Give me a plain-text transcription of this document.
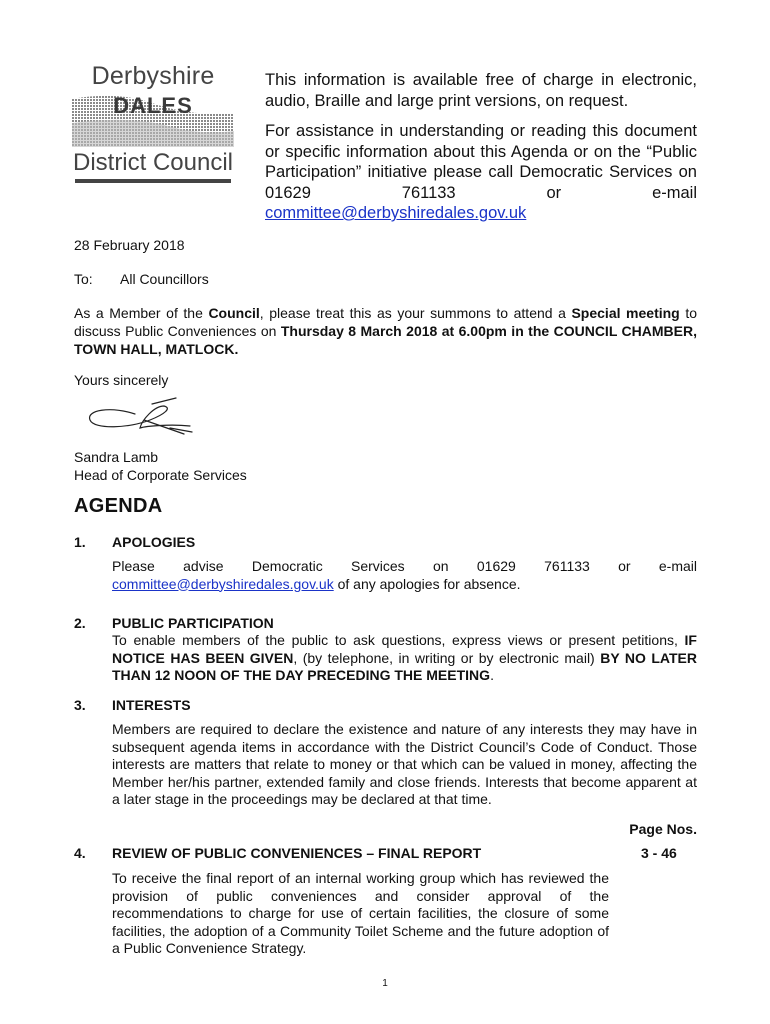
Derbyshire
DALES
District Council

This information is available free of charge in electronic, audio, Braille and large print versions, on request.

For assistance in understanding or reading this document or specific information about this Agenda or on the “Public Participation” initiative please call Democratic Services on 01629 761133 or e-mail committee@derbyshiredales.gov.uk

28 February 2018
To: All Councillors
As a Member of the Council, please treat this as your summons to attend a Special meeting to discuss Public Conveniences on Thursday 8 March 2018 at 6.00pm in the COUNCIL CHAMBER, TOWN HALL, MATLOCK.
Yours sincerely
Sandra Lamb
Head of Corporate Services
AGENDA
1. APOLOGIES
Please advise Democratic Services on 01629 761133 or e-mail
committee@derbyshiredales.gov.uk of any apologies for absence.
2. PUBLIC PARTICIPATION
To enable members of the public to ask questions, express views or present petitions, IF NOTICE HAS BEEN GIVEN, (by telephone, in writing or by electronic mail) BY NO LATER THAN 12 NOON OF THE DAY PRECEDING THE MEETING.
3. INTERESTS
Members are required to declare the existence and nature of any interests they may have in subsequent agenda items in accordance with the District Council’s Code of Conduct. Those interests are matters that relate to money or that which can be valued in money, affecting the Member her/his partner, extended family and close friends. Interests that become apparent at a later stage in the proceedings may be declared at that time.
Page Nos.
4. REVIEW OF PUBLIC CONVENIENCES – FINAL REPORT
To receive the final report of an internal working group which has reviewed the provision of public conveniences and consider approval of the recommendations to charge for use of certain facilities, the closure of some facilities, the adoption of a Community Toilet Scheme and the future adoption of a Public Convenience Strategy.
3 - 46
1
